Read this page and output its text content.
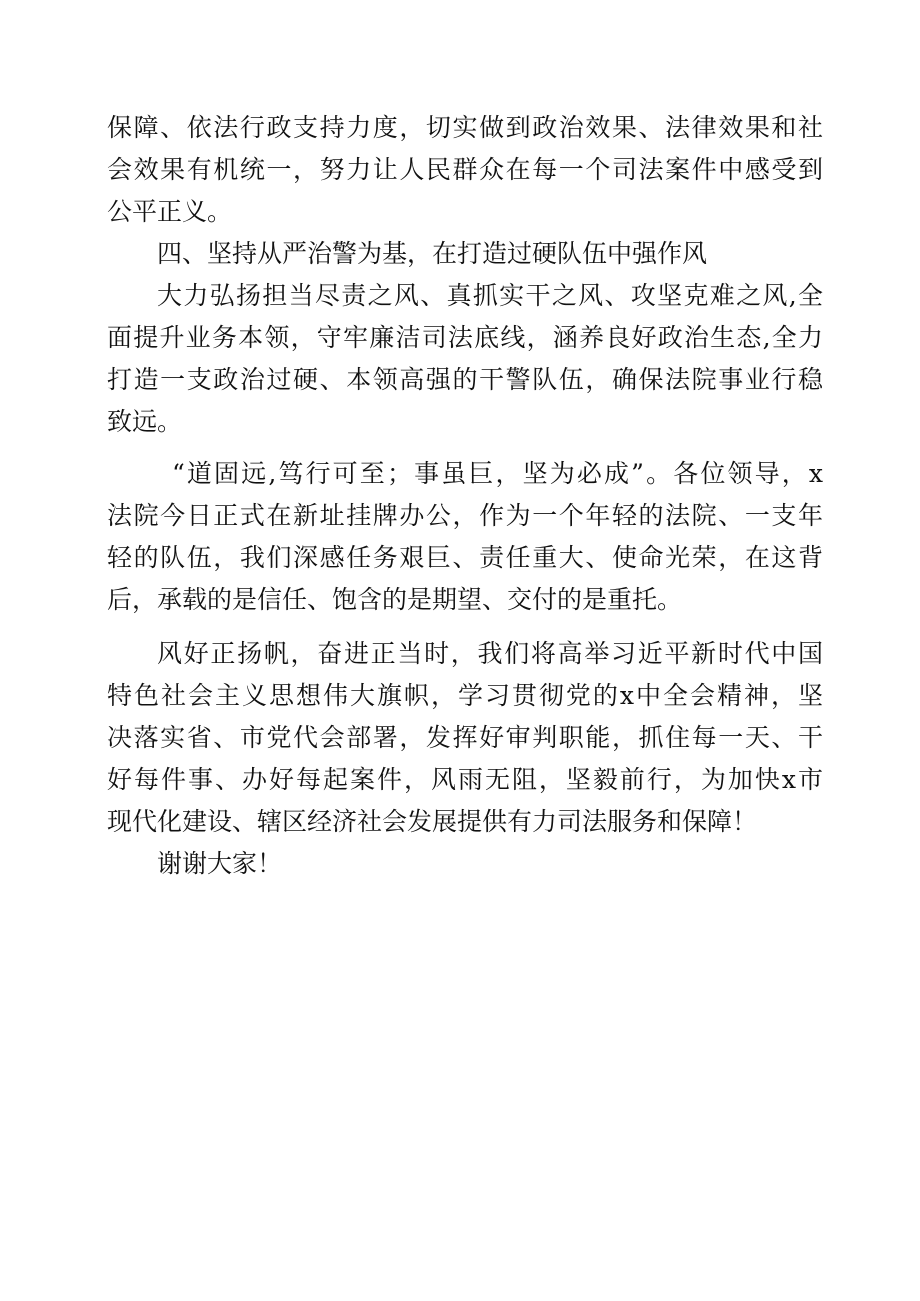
保障、依法行政支持力度，切实做到政治效果、法律效果和社
会效果有机统一，努力让人民群众在每一个司法案件中感受到
公平正义。
四、坚持从严治警为基，在打造过硬队伍中强作风
大力弘扬担当尽责之风、真抓实干之风、攻坚克难之风,全
面提升业务本领，守牢廉洁司法底线，涵养良好政治生态,全力
打造一支政治过硬、本领高强的干警队伍，确保法院事业行稳
致远。
“道固远,笃行可至；事虽巨，坚为必成”。各位领导，x
法院今日正式在新址挂牌办公，作为一个年轻的法院、一支年
轻的队伍，我们深感任务艰巨、责任重大、使命光荣，在这背
后，承载的是信任、饱含的是期望、交付的是重托。
风好正扬帆，奋进正当时，我们将高举习近平新时代中国
特色社会主义思想伟大旗帜，学习贯彻党的x中全会精神，坚
决落实省、市党代会部署，发挥好审判职能，抓住每一天、干
好每件事、办好每起案件，风雨无阻，坚毅前行，为加快x市
现代化建设、辖区经济社会发展提供有力司法服务和保障！
谢谢大家！
